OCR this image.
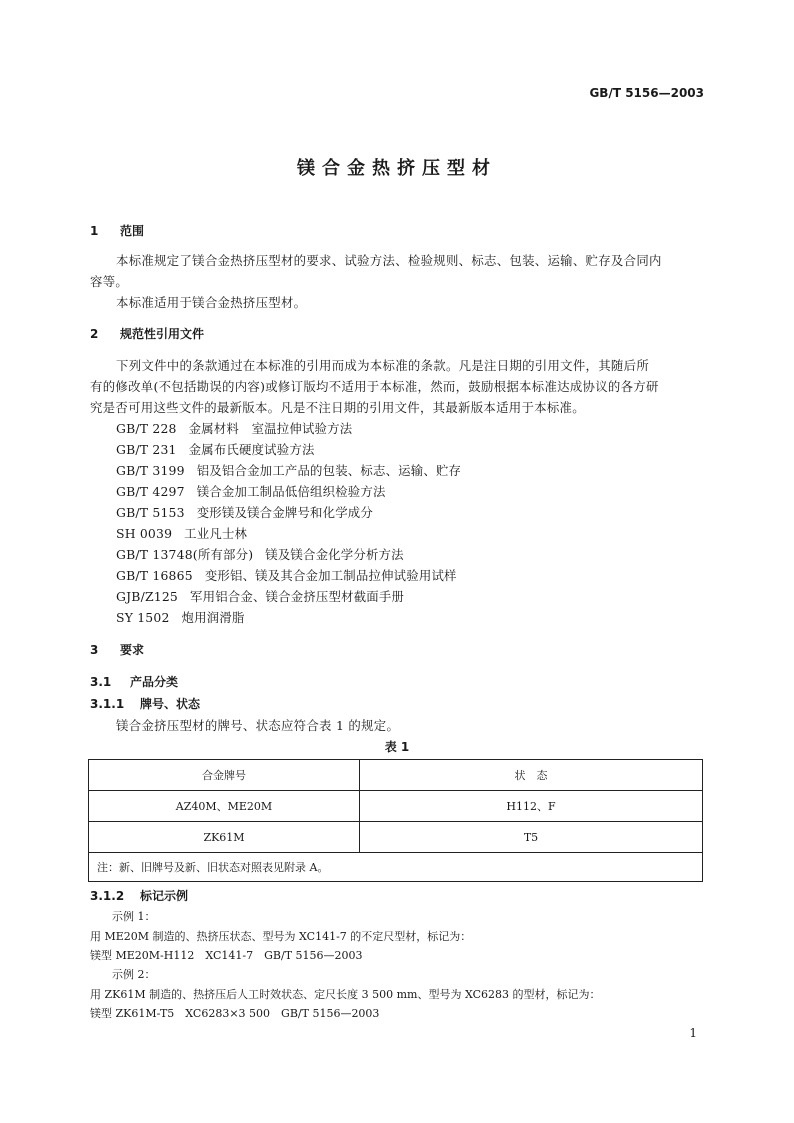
GB/T 5156—2003
镁合金热挤压型材
1 范围
本标准规定了镁合金热挤压型材的要求、试验方法、检验规则、标志、包装、运输、贮存及合同内
容等。
本标准适用于镁合金热挤压型材。
2 规范性引用文件
下列文件中的条款通过在本标准的引用而成为本标准的条款。凡是注日期的引用文件，其随后所
有的修改单(不包括勘误的内容)或修订版均不适用于本标准，然而，鼓励根据本标准达成协议的各方研
究是否可用这些文件的最新版本。凡是不注日期的引用文件，其最新版本适用于本标准。
GB/T 228 金属材料　室温拉伸试验方法
GB/T 231 金属布氏硬度试验方法
GB/T 3199 铝及铝合金加工产品的包装、标志、运输、贮存
GB/T 4297 镁合金加工制品低倍组织检验方法
GB/T 5153 变形镁及镁合金牌号和化学成分
SH 0039 工业凡士林
GB/T 13748(所有部分) 镁及镁合金化学分析方法
GB/T 16865 变形铝、镁及其合金加工制品拉伸试验用试样
GJB/Z125 军用铝合金、镁合金挤压型材截面手册
SY 1502 炮用润滑脂
3 要求
3.1 产品分类
3.1.1 牌号、状态
镁合金挤压型材的牌号、状态应符合表 1 的规定。
表 1
合金牌号	状　态
AZ40M、ME20M	H112、F
ZK61M	T5
注：新、旧牌号及新、旧状态对照表见附录 A。	
3.1.2 标记示例
示例 1：
用 ME20M 制造的、热挤压状态、型号为 XC141-7 的不定尺型材，标记为：
镁型 ME20M-H112　XC141-7　GB/T 5156—2003
示例 2：
用 ZK61M 制造的、热挤压后人工时效状态、定尺长度 3 500 mm、型号为 XC6283 的型材，标记为：
镁型 ZK61M-T5　XC6283×3 500　GB/T 5156—2003
1
